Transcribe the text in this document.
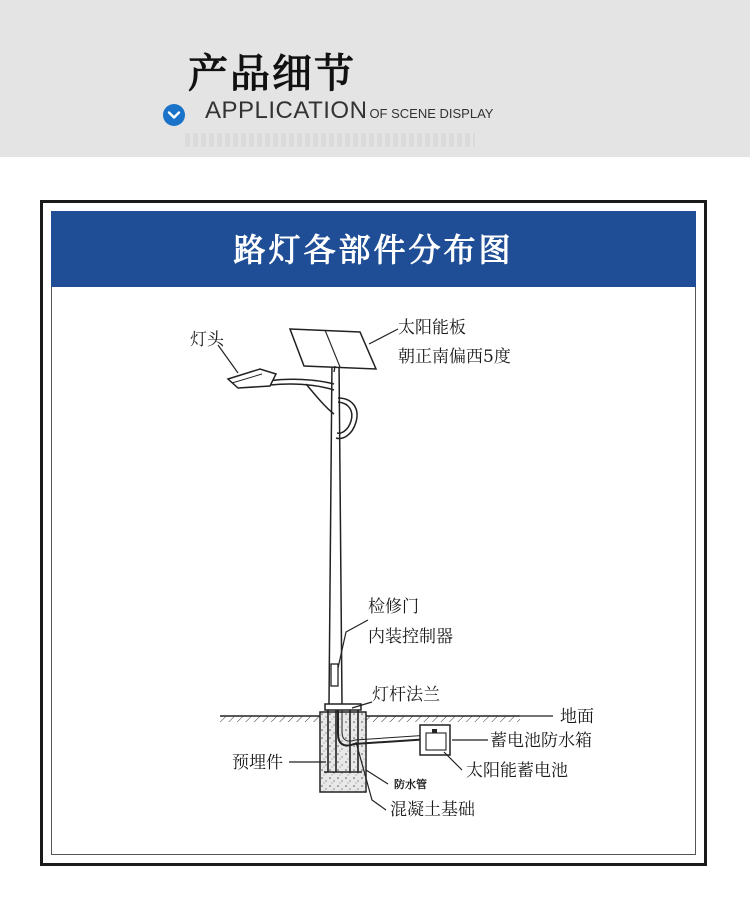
产品细节
APPLICATION OF SCENE DISPLAY
路灯各部件分布图
灯头
太阳能板
朝正南偏西5度
检修门
内装控制器
灯杆法兰
地面
蓄电池防水箱
预埋件	太阳能蓄电池
防水管
混凝土基础
